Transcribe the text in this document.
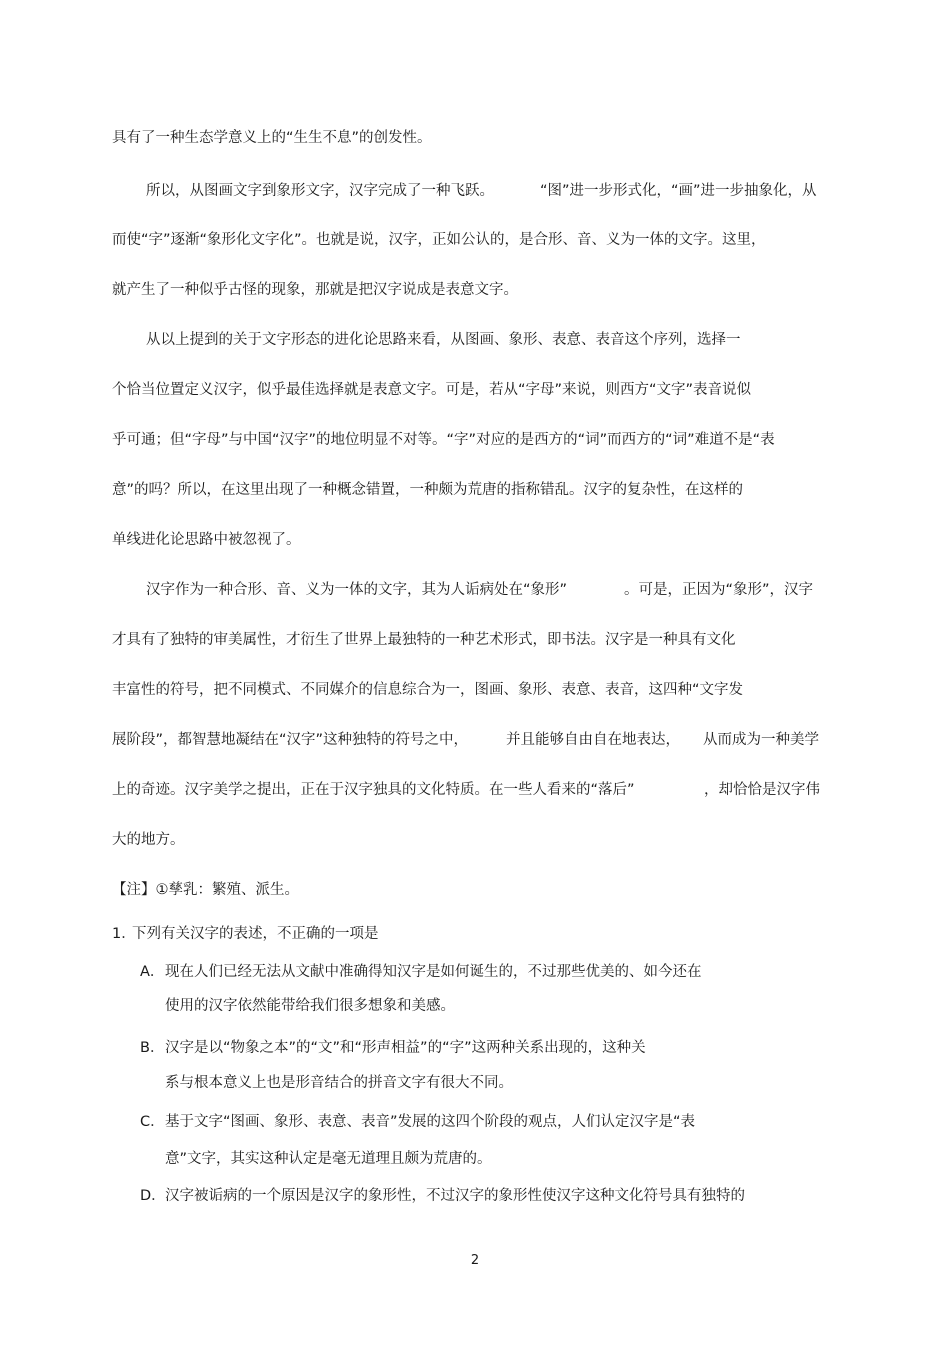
具有了一种生态学意义上的“生生不息”的创发性。
所以，从图画文字到象形文字，汉字完成了一种飞跃。	“图”进一步形式化，“画”进一步抽象化，从
而使“字”逐渐“象形化文字化”。也就是说，汉字，正如公认的，是合形、音、义为一体的文字。这里，
就产生了一种似乎古怪的现象，那就是把汉字说成是表意文字。
从以上提到的关于文字形态的进化论思路来看，从图画、象形、表意、表音这个序列，选择一
个恰当位置定义汉字，似乎最佳选择就是表意文字。可是，若从“字母”来说，则西方“文字”表音说似
乎可通；但“字母”与中国“汉字”的地位明显不对等。“字”对应的是西方的“词”而西方的“词”难道不是“表
意”的吗？所以，在这里出现了一种概念错置，一种颇为荒唐的指称错乱。汉字的复杂性，在这样的
单线进化论思路中被忽视了。
汉字作为一种合形、音、义为一体的文字，其为人诟病处在“象形”	。可是，正因为“象形”，汉字
才具有了独特的审美属性，才衍生了世界上最独特的一种艺术形式，即书法。汉字是一种具有文化
丰富性的符号，把不同模式、不同媒介的信息综合为一，图画、象形、表意、表音，这四种“文字发
展阶段”，都智慧地凝结在“汉字”这种独特的符号之中，	并且能够自由自在地表达， 从而成为一种美学
上的奇迹。汉字美学之提出，正在于汉字独具的文化特质。在一些人看来的“落后”	，却恰恰是汉字伟
大的地方。
【注】①孳乳：繁殖、派生。
1．
下列有关汉字的表述，不正确的一项是
A． 现在人们已经无法从文献中准确得知汉字是如何诞生的，不过那些优美的、如今还在
使用的汉字依然能带给我们很多想象和美感。
B． 汉字是以“物象之本”的“文”和“形声相益”的“字”这两种关系出现的，这种关
系与根本意义上也是形音结合的拼音文字有很大不同。
C． 基于文字“图画、象形、表意、表音”发展的这四个阶段的观点，人们认定汉字是“表
意”文字，其实这种认定是毫无道理且颇为荒唐的。
D． 汉字被诟病的一个原因是汉字的象形性，不过汉字的象形性使汉字这种文化符号具有独特的
2
